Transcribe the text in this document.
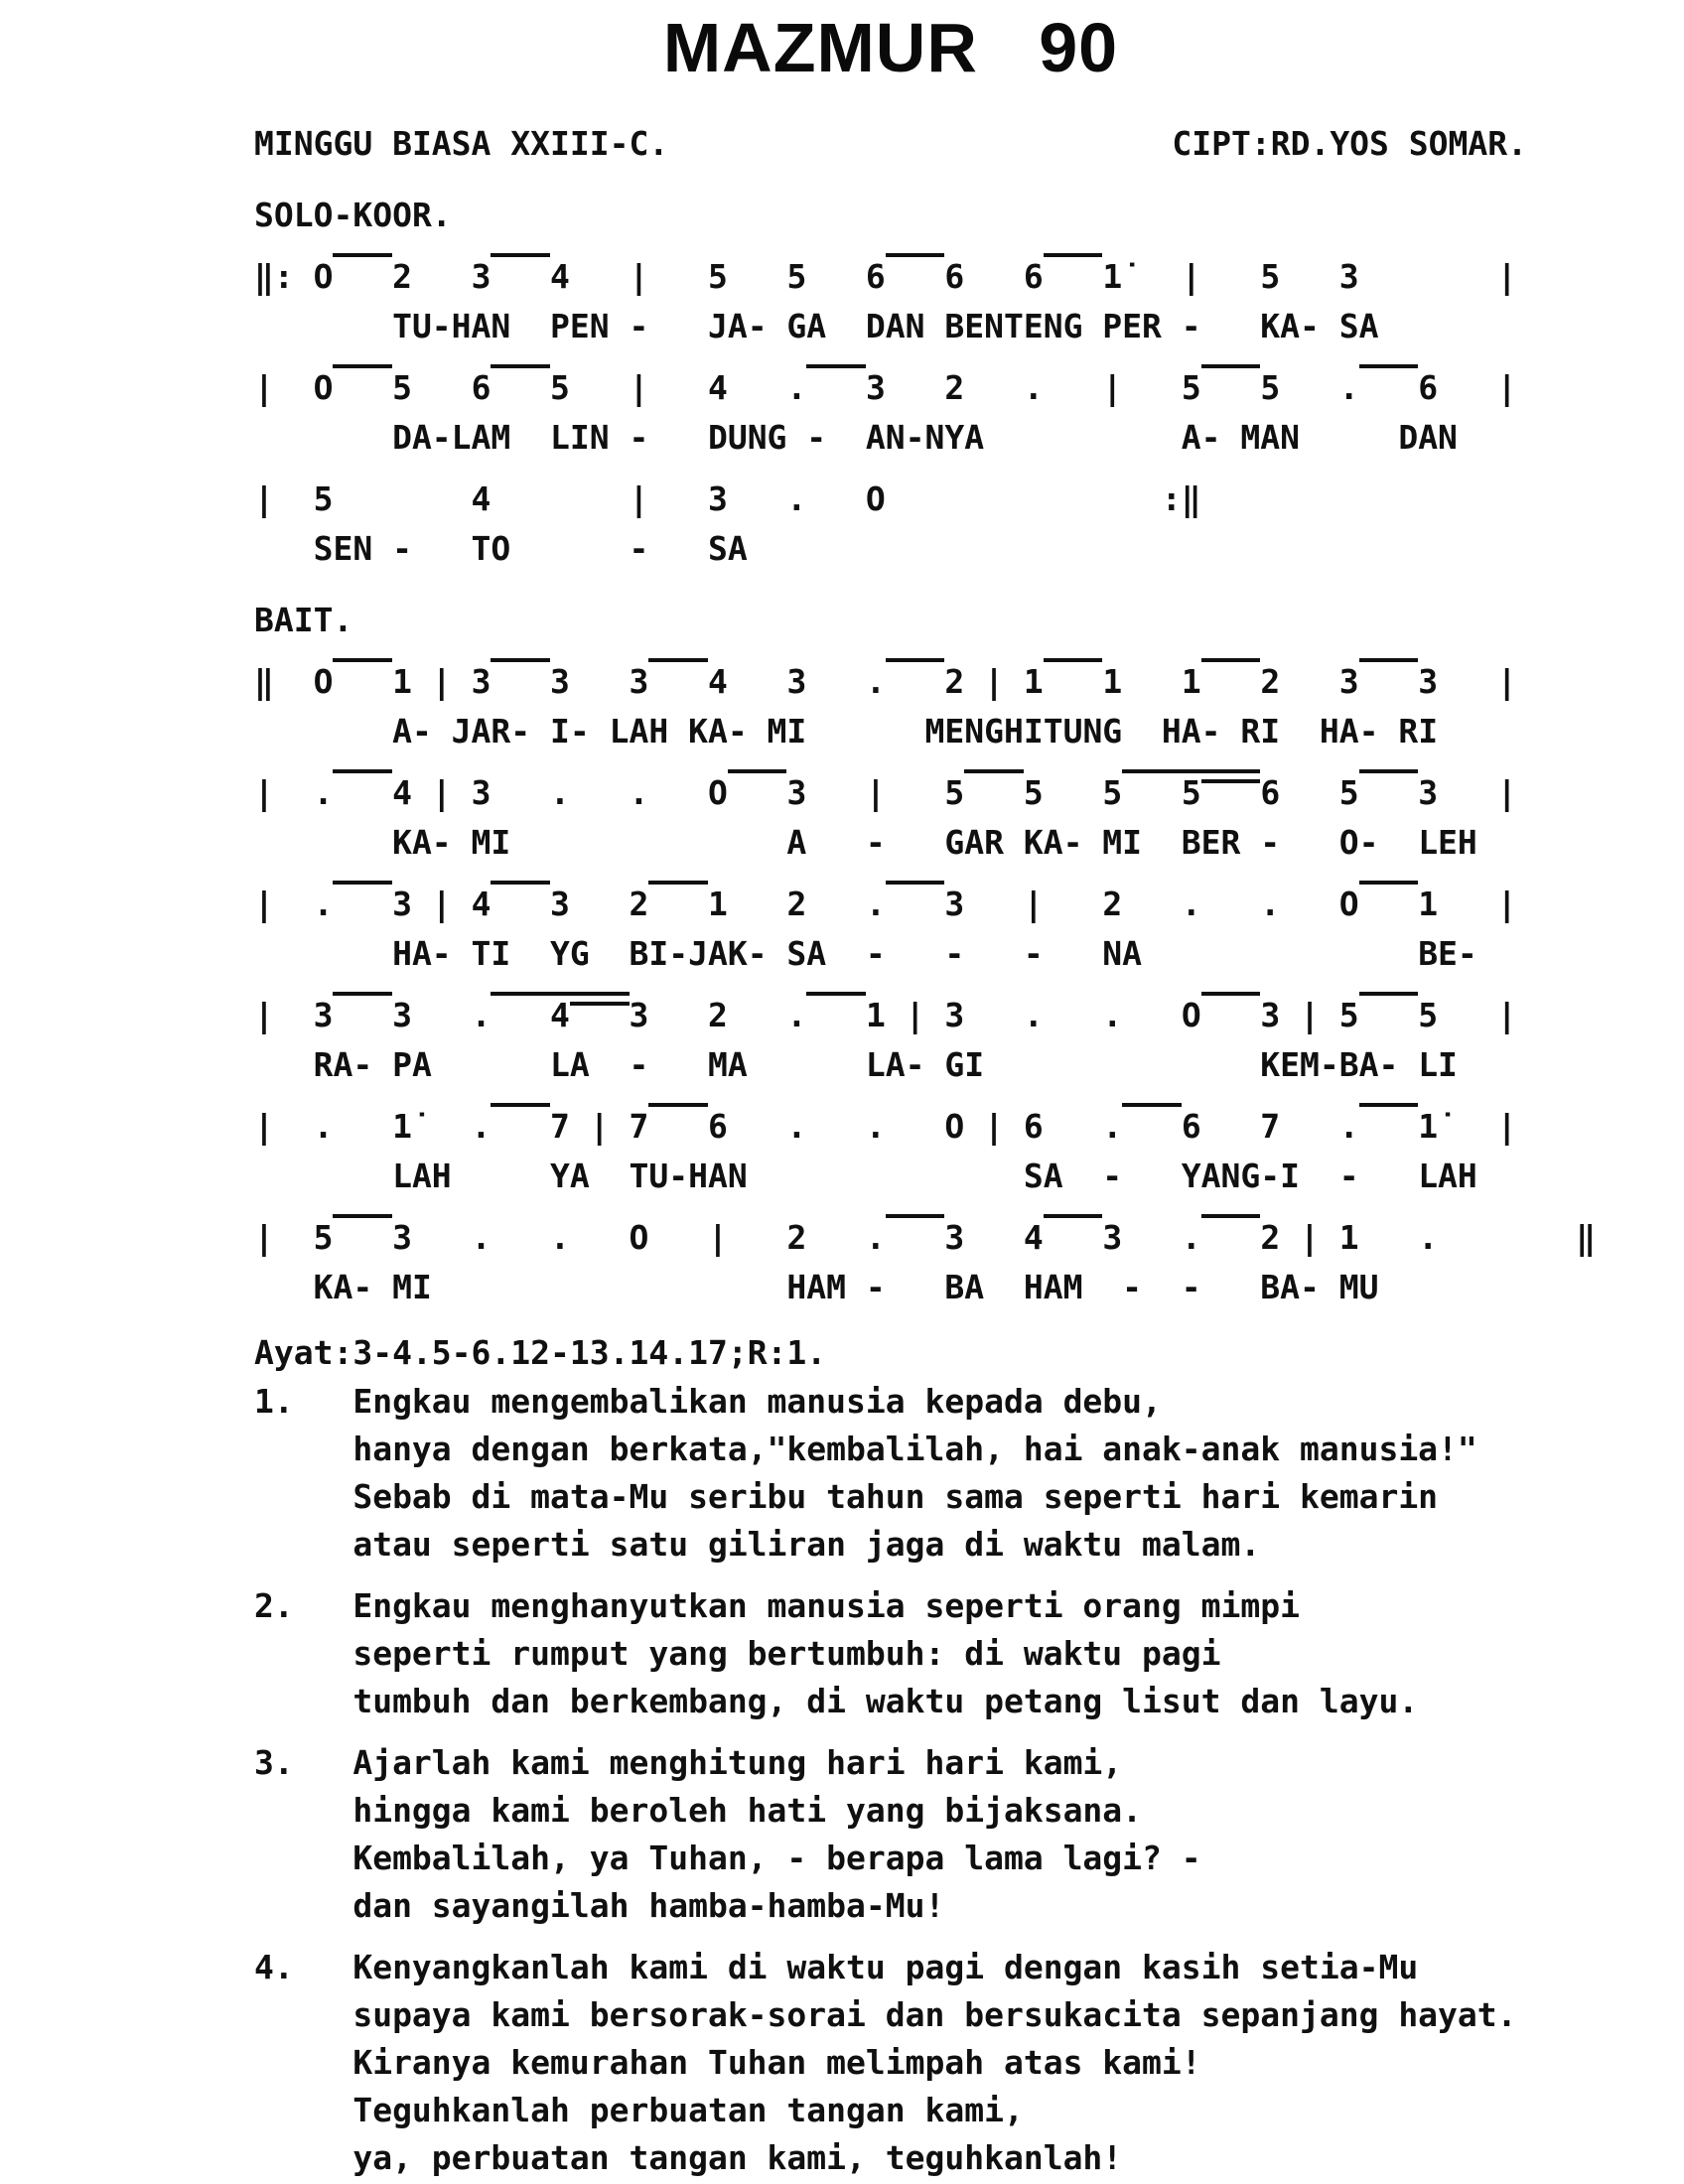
MAZMUR   90
MINGGU BIASA XXIII-C.	CIPT:RD.YOS SOMAR.
SOLO-KOOR.
‖: O 2   3 4   |   5   5   6 6   6 1̇   |   5   3       |
TU-HAN  PEN -   JA- GA  DAN BENTENG PER -   KA- SA
|  O 5   6 5   |   4   . 3   2   .   |   5 5   . 6   |
DA-LAM  LIN -   DUNG -  AN-NYA          A- MAN     DAN
|  5       4       |   3   .   O              :‖
SEN -   TO      -   SA
BAIT.
‖  O 1 | 3 3   3 4   3   . 2 | 1 1   1 2   3 3   |
A- JAR- I- LAH KA- MI      MENGHITUNG  HA- RI  HA- RI
|  . 4 | 3   .   .   O 3   |   5 5   5   5 6   5 3   |
KA- MI              A   -   GAR KA- MI  BER -   O-  LEH
|  . 3 | 4 3   2 1   2   . 3   |   2   .   .   O 1   |
HA- TI  YG  BI-JAK- SA  -   -   -   NA              BE-
|  3 3   .   4 3   2   . 1 | 3   .   .   O 3 | 5 5   |
RA- PA      LA  -   MA      LA- GI              KEM-BA- LI
|  .   1̇   . 7 | 7 6   .   .   O | 6   . 6   7   . 1̇   |
LAH     YA  TU-HAN              SA  -   YANG-I  -   LAH
|  5 3   .   .   O   |   2   . 3   4 3   . 2 | 1   .       ‖
KA- MI                  HAM -   BA  HAM  -  -   BA- MU
Ayat:3-4.5-6.12-13.14.17;R:1.
1.	Engkau mengembalikan manusia kepada debu,
hanya dengan berkata,"kembalilah, hai anak-anak manusia!"
Sebab di mata-Mu seribu tahun sama seperti hari kemarin
atau seperti satu giliran jaga di waktu malam.
2.	Engkau menghanyutkan manusia seperti orang mimpi
seperti rumput yang bertumbuh: di waktu pagi
tumbuh dan berkembang, di waktu petang lisut dan layu.
3.	Ajarlah kami menghitung hari hari kami,
hingga kami beroleh hati yang bijaksana.
Kembalilah, ya Tuhan, - berapa lama lagi? -
dan sayangilah hamba-hamba-Mu!
4.	Kenyangkanlah kami di waktu pagi dengan kasih setia-Mu
supaya kami bersorak-sorai dan bersukacita sepanjang hayat.
Kiranya kemurahan Tuhan melimpah atas kami!
Teguhkanlah perbuatan tangan kami,
ya, perbuatan tangan kami, teguhkanlah!
